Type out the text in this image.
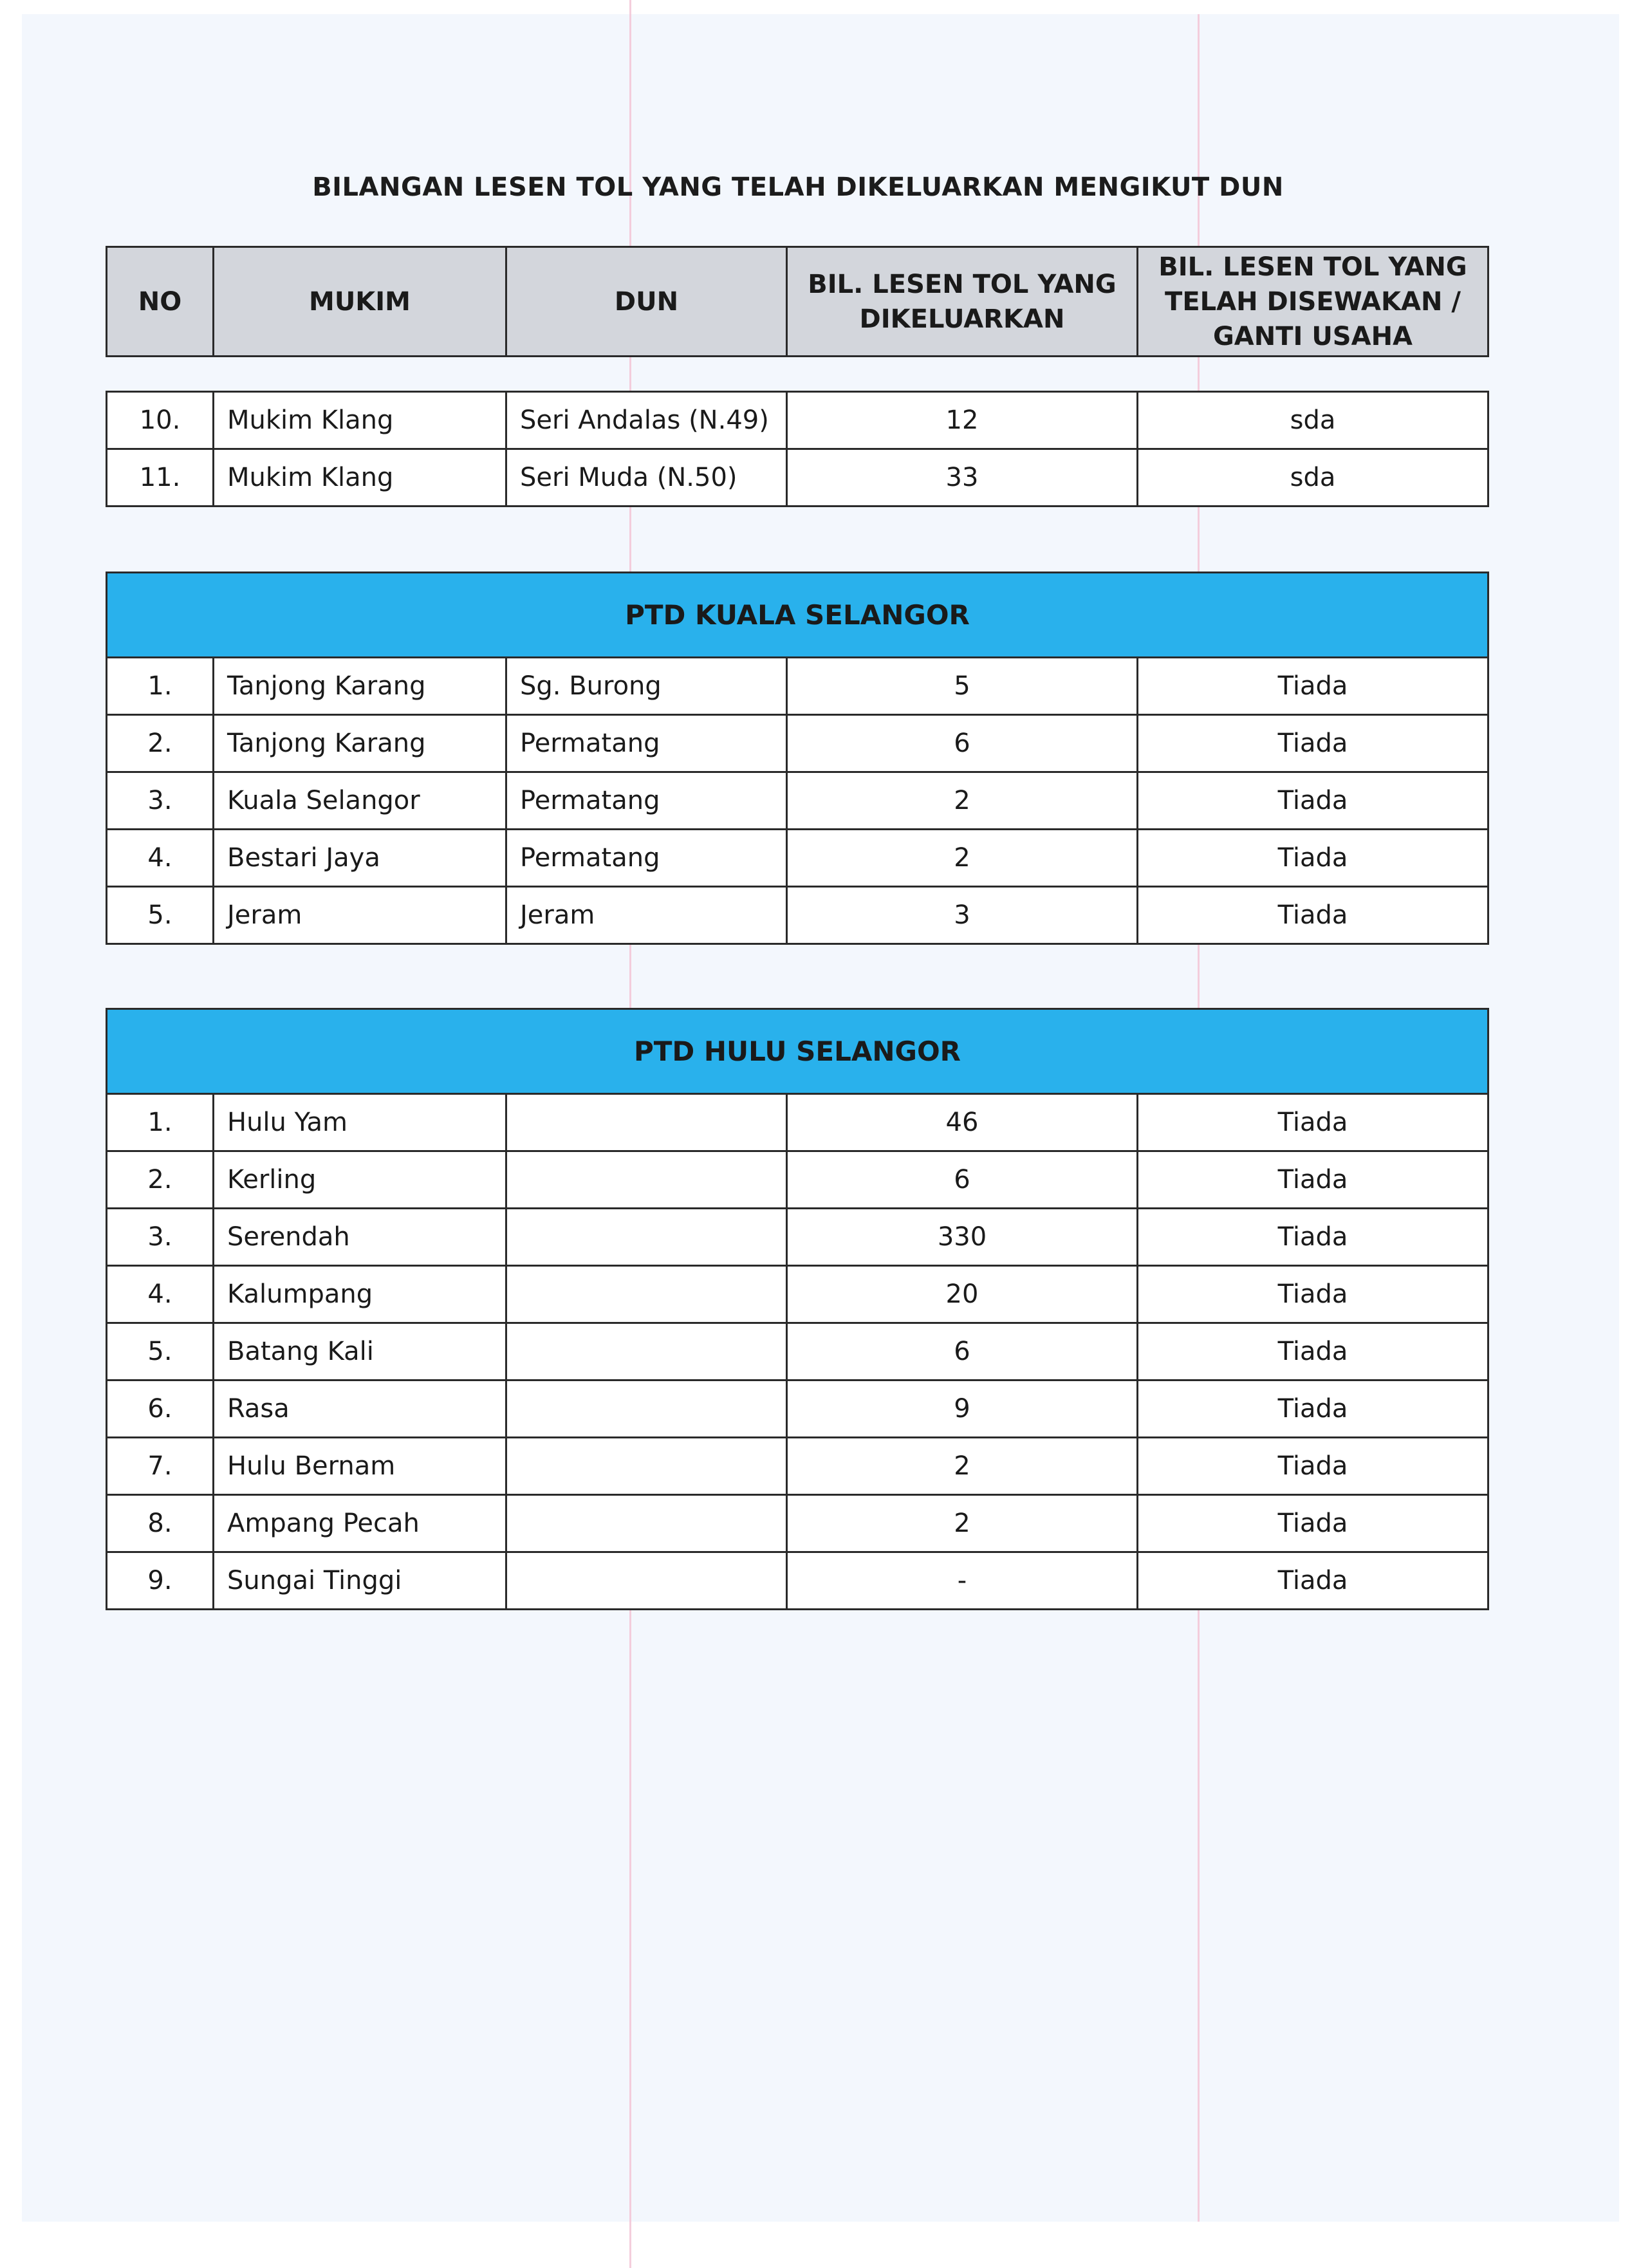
BILANGAN LESEN TOL YANG TELAH DIKELUARKAN MENGIKUT DUN
NO	MUKIM	DUN	BIL. LESEN TOL YANG DIKELUARKAN	BIL. LESEN TOL YANG TELAH DISEWAKAN / GANTI USAHA
10.	Mukim Klang	Seri Andalas (N.49)	12	sda
11.	Mukim Klang	Seri Muda (N.50)	33	sda
PTD KUALA SELANGOR				
1.	Tanjong Karang	Sg. Burong	5	Tiada
2.	Tanjong Karang	Permatang	6	Tiada
3.	Kuala Selangor	Permatang	2	Tiada
4.	Bestari Jaya	Permatang	2	Tiada
5.	Jeram	Jeram	3	Tiada
PTD HULU SELANGOR				
1.	Hulu Yam		46	Tiada
2.	Kerling		6	Tiada
3.	Serendah		330	Tiada
4.	Kalumpang		20	Tiada
5.	Batang Kali		6	Tiada
6.	Rasa		9	Tiada
7.	Hulu Bernam		2	Tiada
8.	Ampang Pecah		2	Tiada
9.	Sungai Tinggi		-	Tiada
